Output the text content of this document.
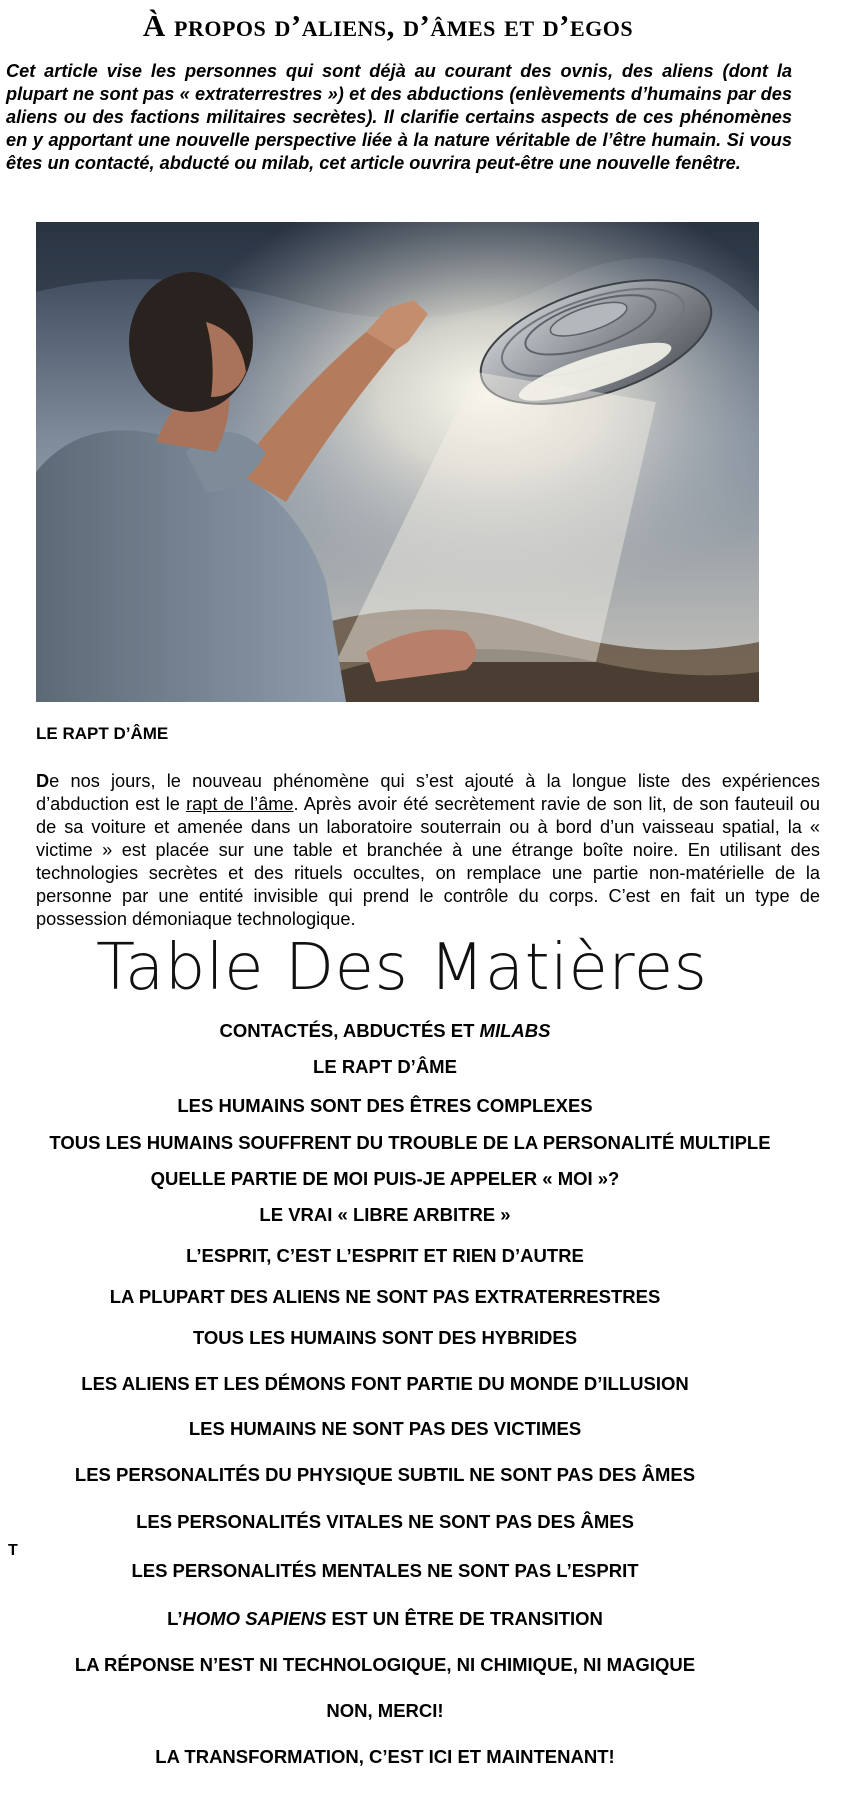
À propos d’aliens, d’âmes et d’egos

Cet article vise les personnes qui sont déjà au courant des ovnis, des aliens (dont la plupart ne sont pas « extraterrestres ») et des abductions (enlèvements d’humains par des aliens ou des factions militaires secrètes). Il clarifie certains aspects de ces phénomènes en y apportant une nouvelle perspective liée à la nature véritable de l’être humain. Si vous êtes un contacté, abducté ou milab, cet article ouvrira peut-être une nouvelle fenêtre.

LE RAPT D’ÂME

De nos jours, le nouveau phénomène qui s’est ajouté à la longue liste des expériences d’abduction est le rapt de l’âme. Après avoir été secrètement ravie de son lit, de son fauteuil ou de sa voiture et amenée dans un laboratoire souterrain ou à bord d’un vaisseau spatial, la « victime » est placée sur une table et branchée à une étrange boîte noire. En utilisant des technologies secrètes et des rituels occultes, on remplace une partie non-matérielle de la personne par une entité invisible qui prend le contrôle du corps. C’est en fait un type de possession démoniaque technologique.

Table Des Matières

CONTACTÉS, ABDUCTÉS ET MILABS

LE RAPT D’ÂME

LES HUMAINS SONT DES ÊTRES COMPLEXES

TOUS LES HUMAINS SOUFFRENT DU TROUBLE DE LA PERSONALITÉ MULTIPLE

QUELLE PARTIE DE MOI PUIS-JE APPELER « MOI »?

LE VRAI « LIBRE ARBITRE »

L’ESPRIT, C’EST L’ESPRIT ET RIEN D’AUTRE

LA PLUPART DES ALIENS NE SONT PAS EXTRATERRESTRES

TOUS LES HUMAINS SONT DES HYBRIDES

LES ALIENS ET LES DÉMONS FONT PARTIE DU MONDE D’ILLUSION

LES HUMAINS NE SONT PAS DES VICTIMES

LES PERSONALITÉS DU PHYSIQUE SUBTIL NE SONT PAS DES ÂMES

LES PERSONALITÉS VITALES NE SONT PAS DES ÂMES

LES PERSONALITÉS MENTALES NE SONT PAS L’ESPRIT

L’HOMO SAPIENS EST UN ÊTRE DE TRANSITION

LA RÉPONSE N’EST NI TECHNOLOGIQUE, NI CHIMIQUE, NI MAGIQUE

NON, MERCI!

LA TRANSFORMATION, C’EST ICI ET MAINTENANT!

T
